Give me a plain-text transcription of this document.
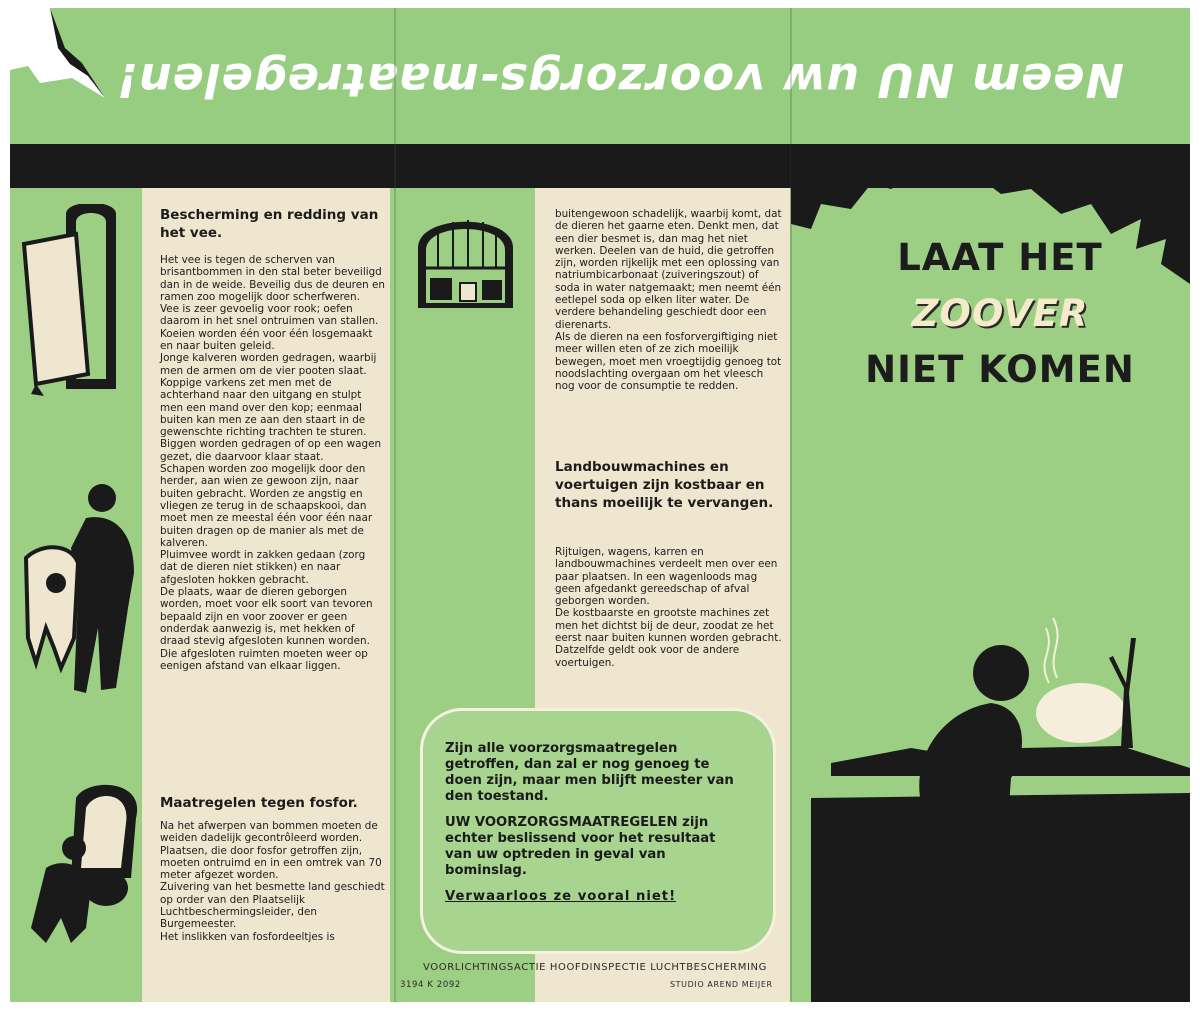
Neem NU uw voorzorgs-maatregelen!
Bescherming en redding van het vee.
Het vee is tegen de scherven van brisantbommen in den stal beter beveiligd dan in de weide. Beveilig dus de deuren en ramen zoo mogelijk door scherfweren.
Vee is zeer gevoelig voor rook; oefen daarom in het snel ontruimen van stallen.
Koeien worden één voor één losgemaakt en naar buiten geleid.
Jonge kalveren worden gedragen, waarbij men de armen om de vier pooten slaat.
Koppige varkens zet men met de achterhand naar den uitgang en stulpt men een mand over den kop; eenmaal buiten kan men ze aan den staart in de gewenschte richting trachten te sturen.
Biggen worden gedragen of op een wagen gezet, die daarvoor klaar staat.
Schapen worden zoo mogelijk door den herder, aan wien ze gewoon zijn, naar buiten gebracht. Worden ze angstig en vliegen ze terug in de schaapskooi, dan moet men ze meestal één voor één naar buiten dragen op de manier als met de kalveren.
Pluimvee wordt in zakken gedaan (zorg dat de dieren niet stikken) en naar afgesloten hokken gebracht.
De plaats, waar de dieren geborgen worden, moet voor elk soort van tevoren bepaald zijn en voor zoover er geen onderdak aanwezig is, met hekken of draad stevig afgesloten kunnen worden. Die afgesloten ruimten moeten weer op eenigen afstand van elkaar liggen.
Maatregelen tegen fosfor.
Na het afwerpen van bommen moeten de weiden dadelijk gecontrôleerd worden. Plaatsen, die door fosfor getroffen zijn, moeten ontruimd en in een omtrek van 70 meter afgezet worden.
Zuivering van het besmette land geschiedt op order van den Plaatselijk Luchtbeschermingsleider, den Burgemeester.
Het inslikken van fosfordeeltjes is
buitengewoon schadelijk, waarbij komt, dat de dieren het gaarne eten. Denkt men, dat een dier besmet is, dan mag het niet werken. Deelen van de huid, die getroffen zijn, worden rijkelijk met een oplossing van natriumbicarbonaat (zuiveringszout) of soda in water natgemaakt; men neemt één eetlepel soda op elken liter water. De verdere behandeling geschiedt door een dierenarts.
Als de dieren na een fosforvergiftiging niet meer willen eten of ze zich moeilijk bewegen, moet men vroegtijdig genoeg tot noodslachting overgaan om het vleesch nog voor de consumptie te redden.
Landbouwmachines en voertuigen zijn kostbaar en thans moeilijk te vervangen.
Rijtuigen, wagens, karren en landbouwmachines verdeelt men over een paar plaatsen. In een wagenloods mag geen afgedankt gereedschap of afval geborgen worden.
De kostbaarste en grootste machines zet men het dichtst bij de deur, zoodat ze het eerst naar buiten kunnen worden gebracht.
Datzelfde geldt ook voor de andere voertuigen.

Zijn alle voorzorgsmaatregelen getroffen, dan zal er nog genoeg te doen zijn, maar men blijft meester van den toestand.

UW VOORZORGSMAATREGELEN zijn echter beslissend voor het resultaat van uw optreden in geval van bominslag.

Verwaarloos ze vooral niet!

VOORLICHTINGSACTIE HOOFDINSPECTIE LUCHTBESCHERMING
3194 K 2092	STUDIO AREND MEIJER
LAAT HET
ZOOVER
NIET KOMEN
